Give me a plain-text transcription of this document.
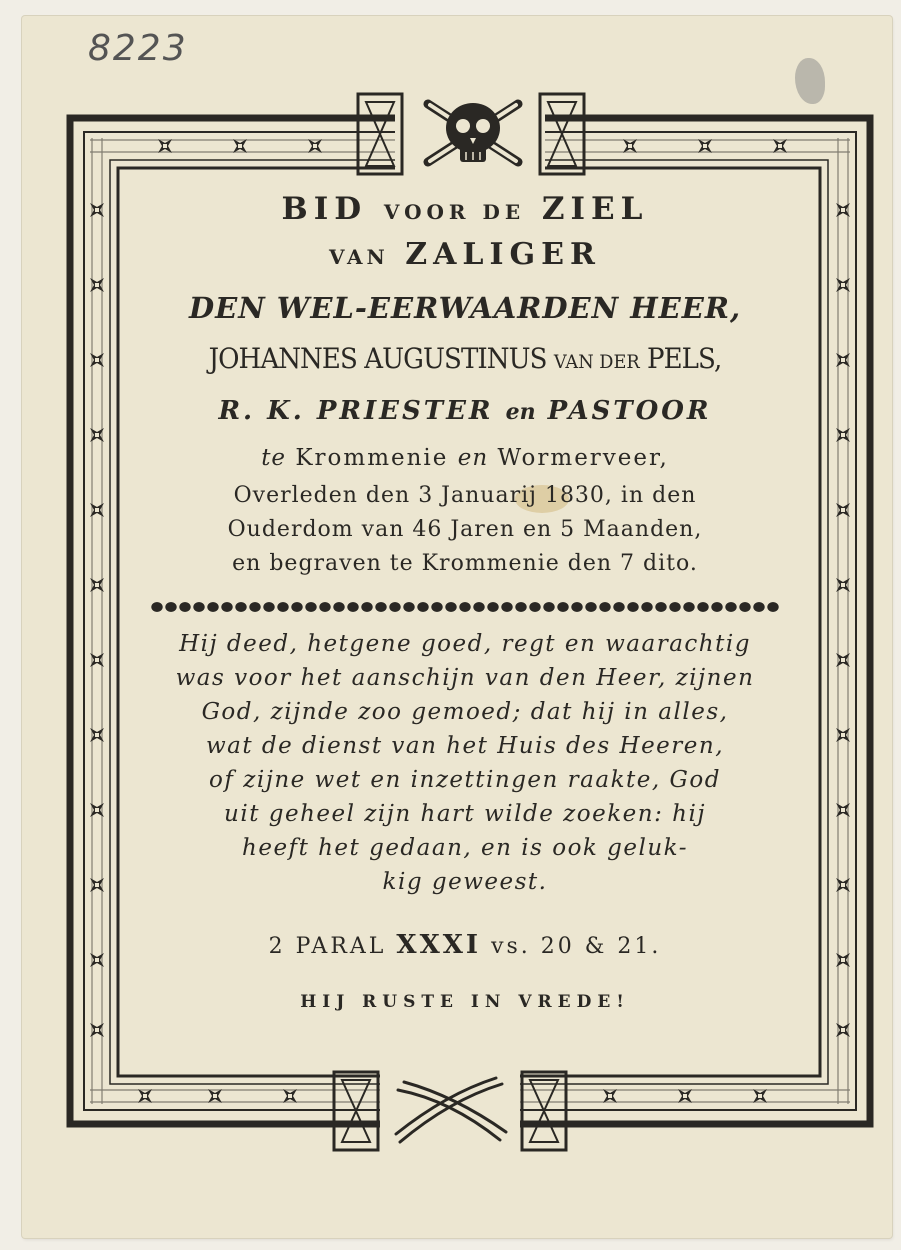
8223
BID VOOR DE ZIEL
VAN ZALIGER
DEN WEL-EERWAARDEN HEER,
JOHANNES AUGUSTINUS VAN DER PELS,
R. K. PRIESTER en PASTOOR
te Krommenie en Wormerveer,
Overleden den 3 Januarij 1830, in den
Ouderdom van 46 Jaren en 5 Maanden,
en begraven te Krommenie den 7 dito.
Hij deed, hetgene goed, regt en waarachtig
was voor het aanschijn van den Heer, zijnen
God, zijnde zoo gemoed; dat hij in alles,
wat de dienst van het Huis des Heeren,
of zijne wet en inzettingen raakte, God
uit geheel zijn hart wilde zoeken: hij
heeft het gedaan, en is ook geluk-
kig geweest.
2 PARAL XXXI vs. 20 & 21.
HIJ RUSTE IN VREDE!
